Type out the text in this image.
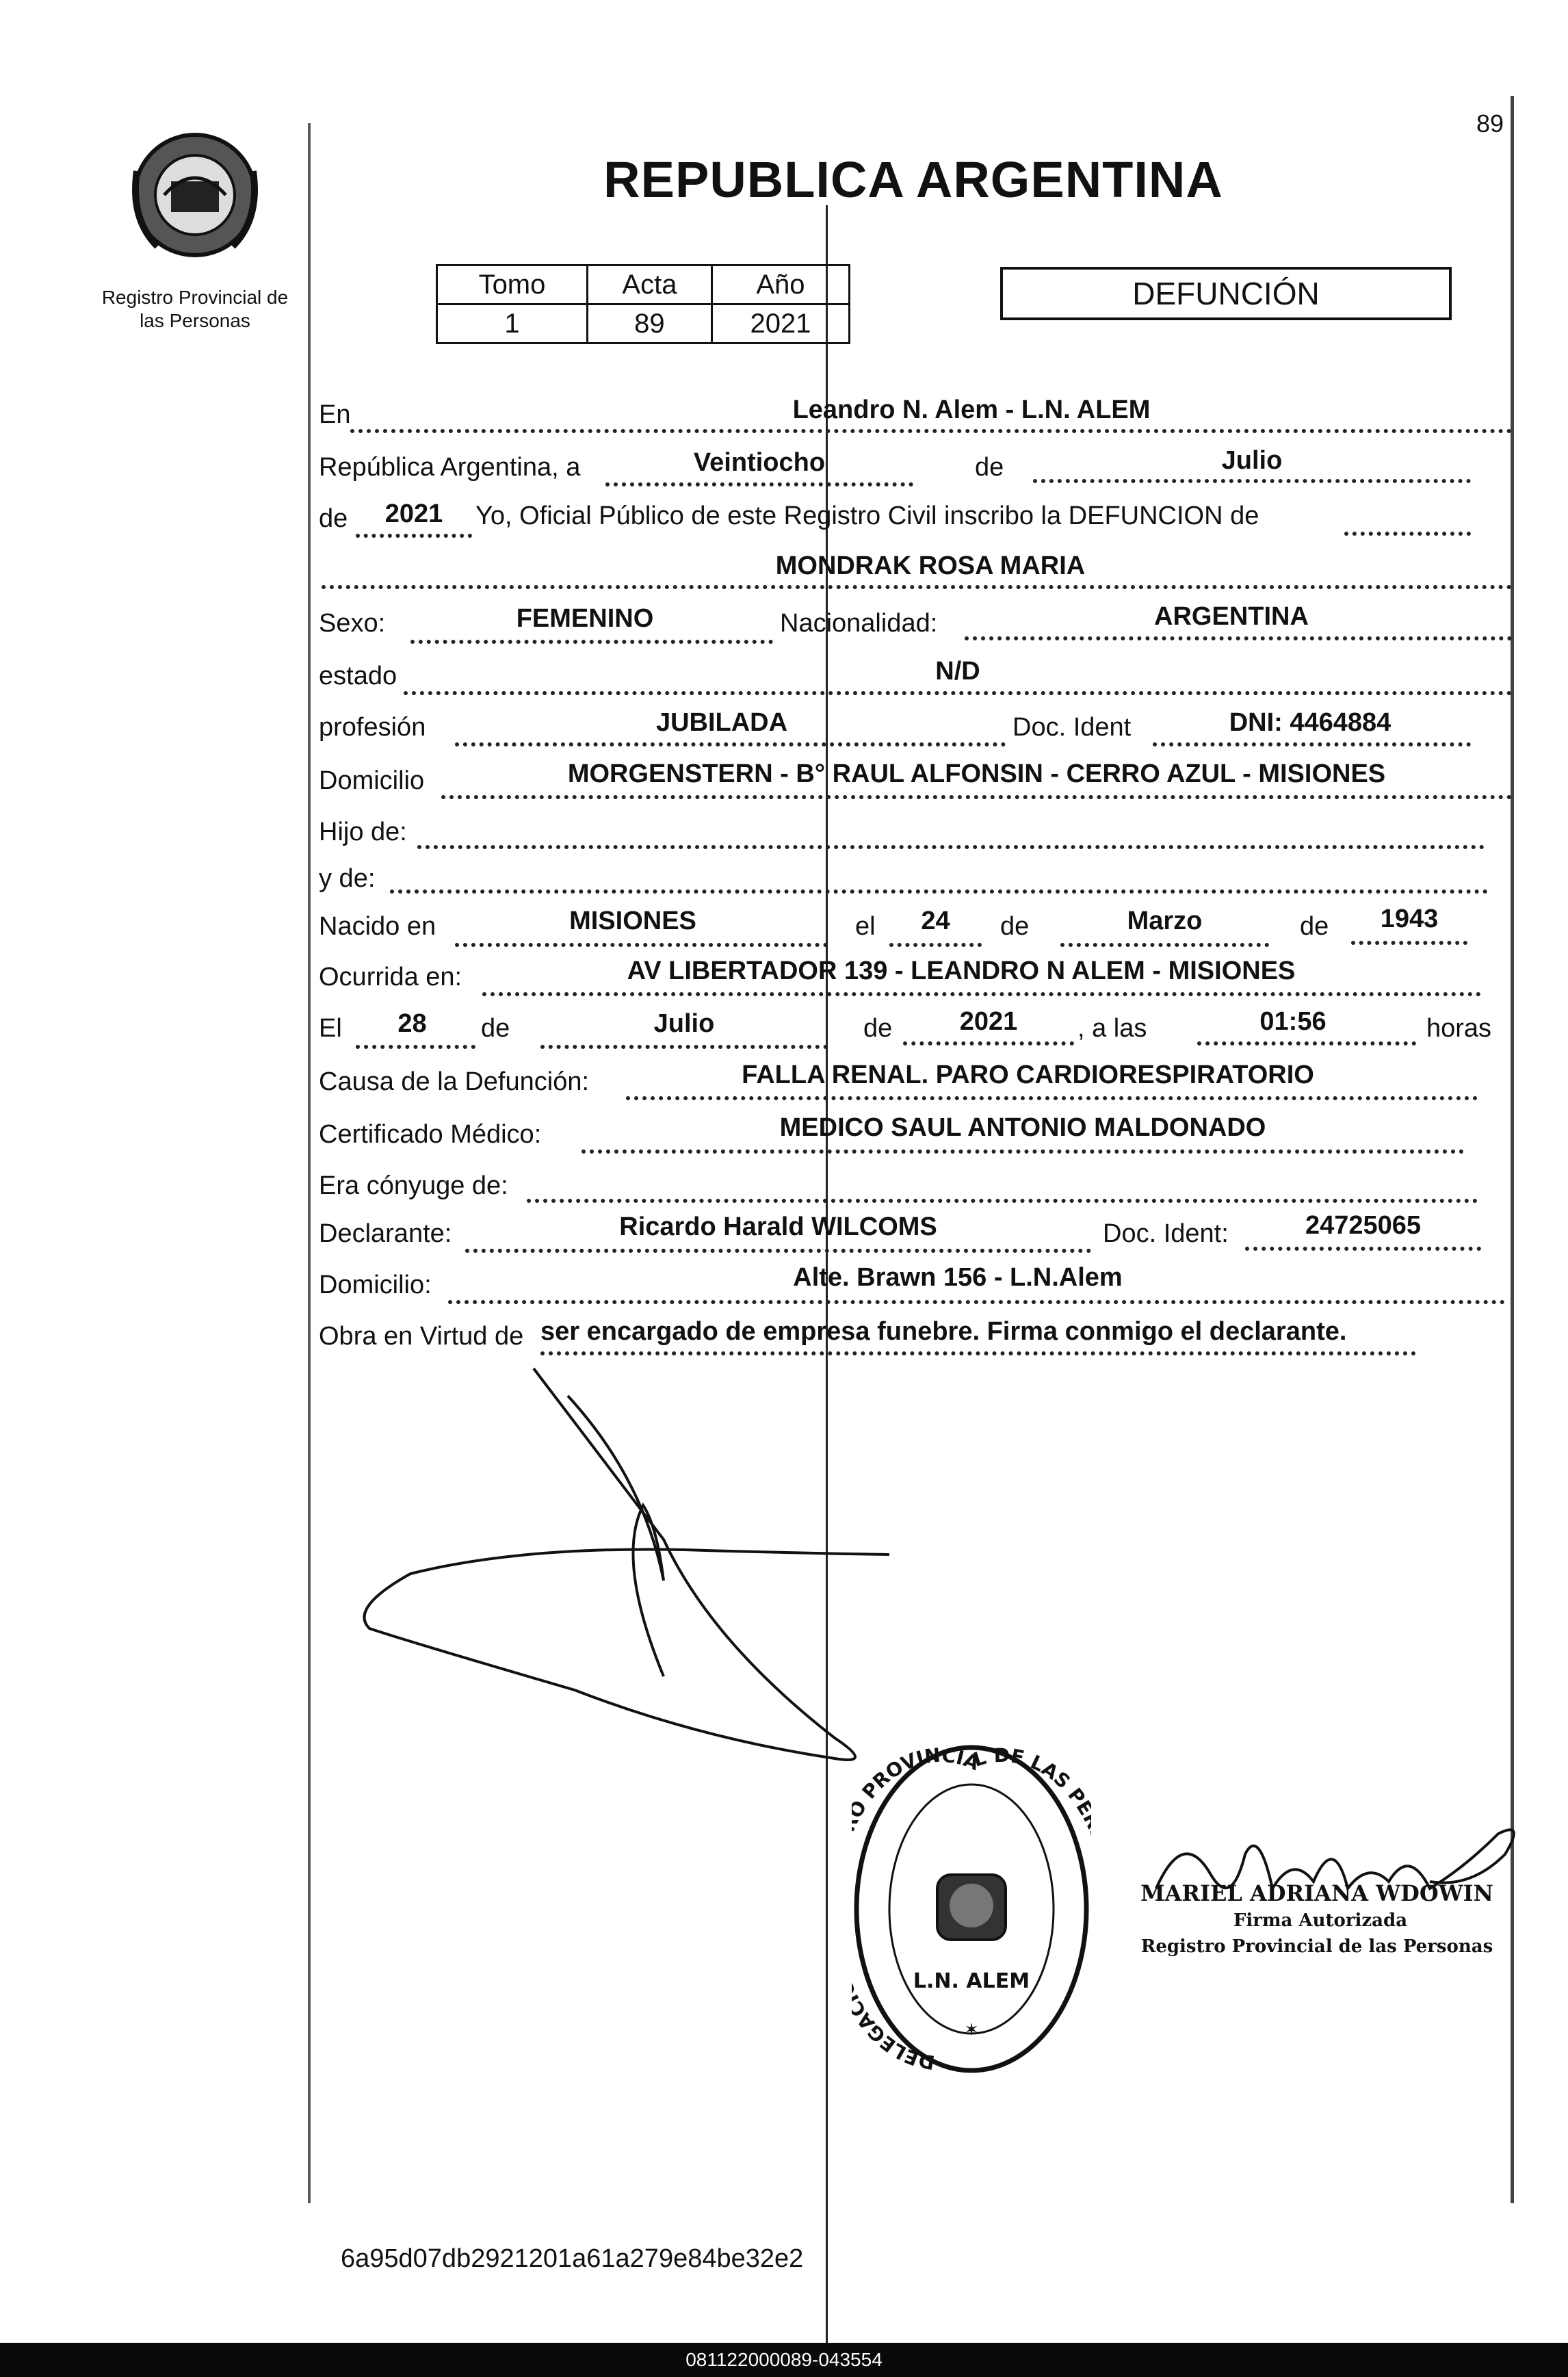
89
Registro Provincial de las Personas
REPUBLICA ARGENTINA
Tomo	Acta	Año
1	89	2021
DEFUNCIÓN
En	Leandro N. Alem - L.N. ALEM
República Argentina, a	Veintiocho	de	Julio
de	2021	Yo, Oficial Público de este Registro Civil inscribo la DEFUNCION de
MONDRAK ROSA MARIA
Sexo:	FEMENINO	Nacionalidad:	ARGENTINA
estado	N/D
profesión	JUBILADA	Doc. Ident	DNI: 4464884
Domicilio	MORGENSTERN - B° RAUL ALFONSIN - CERRO AZUL - MISIONES
Hijo de:
y de:
Nacido en	MISIONES	el	24	de	Marzo	de	1943
Ocurrida en:	AV LIBERTADOR 139 - LEANDRO N ALEM - MISIONES
El	28	de	Julio	de	2021	, a las	01:56	horas
Causa de la Defunción:	FALLA RENAL. PARO CARDIORESPIRATORIO
Certificado Médico:	MEDICO SAUL ANTONIO MALDONADO
Era cónyuge de:
Declarante:	Ricardo Harald WILCOMS	Doc. Ident:	24725065
Domicilio:	Alte. Brawn 156 - L.N.Alem
Obra en Virtud de ser encargado de empresa funebre. Firma conmigo el declarante.
DELEGA PROVINCIAL DE LAS P
L.N. ALEM
✶
MARIEL ADRIANA WDOWIN
Firma Autorizada
Registro Provincial de las Personas
6a95d07db2921201a61a279e84be32e2
081122000089-043554
